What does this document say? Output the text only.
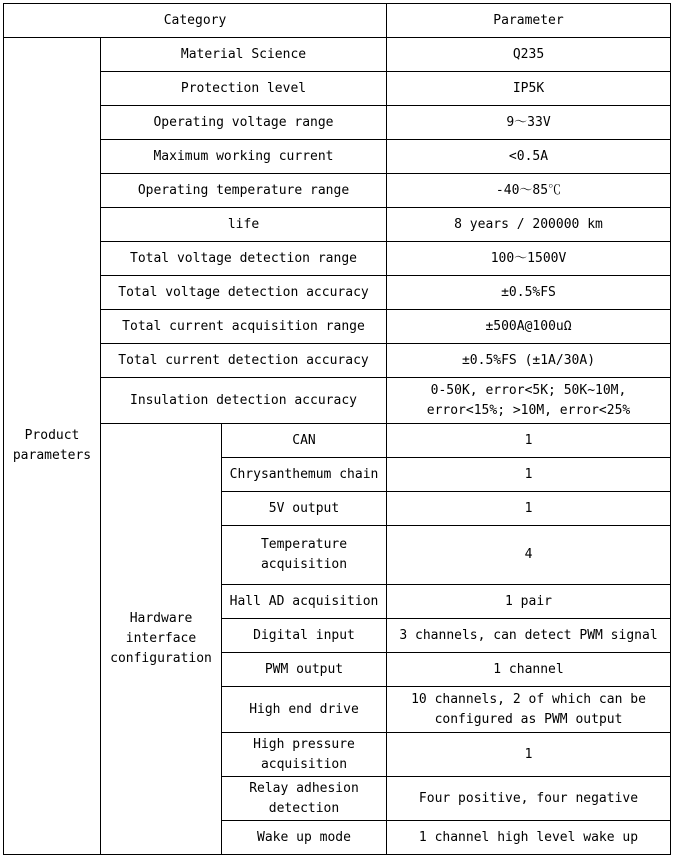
Category			Parameter
Product parameters	Material Science		Q235
	Protection level		IP5K
	Operating voltage range		9～33V
	Maximum working current		<0.5A
	Operating temperature range		-40～85℃
	life		8 years / 200000 km
	Total voltage detection range		100～1500V
	Total voltage detection accuracy		±0.5%FS
	Total current acquisition range		±500A@100uΩ
	Total current detection accuracy		±0.5%FS (±1A/30A)
	Insulation detection accuracy		0-50K, error<5K; 50K~10M, error<15%; >10M, error<25%
	Hardware interface configuration	CAN	1
		Chrysanthemum chain	1
		5V output	1
		Temperature acquisition	4
		Hall AD acquisition	1 pair
		Digital input	3 channels, can detect PWM signal
		PWM output	1 channel
		High end drive	10 channels, 2 of which can be configured as PWM output
		High pressure acquisition	1
		Relay adhesion detection	Four positive, four negative
		Wake up mode	1 channel high level wake up
